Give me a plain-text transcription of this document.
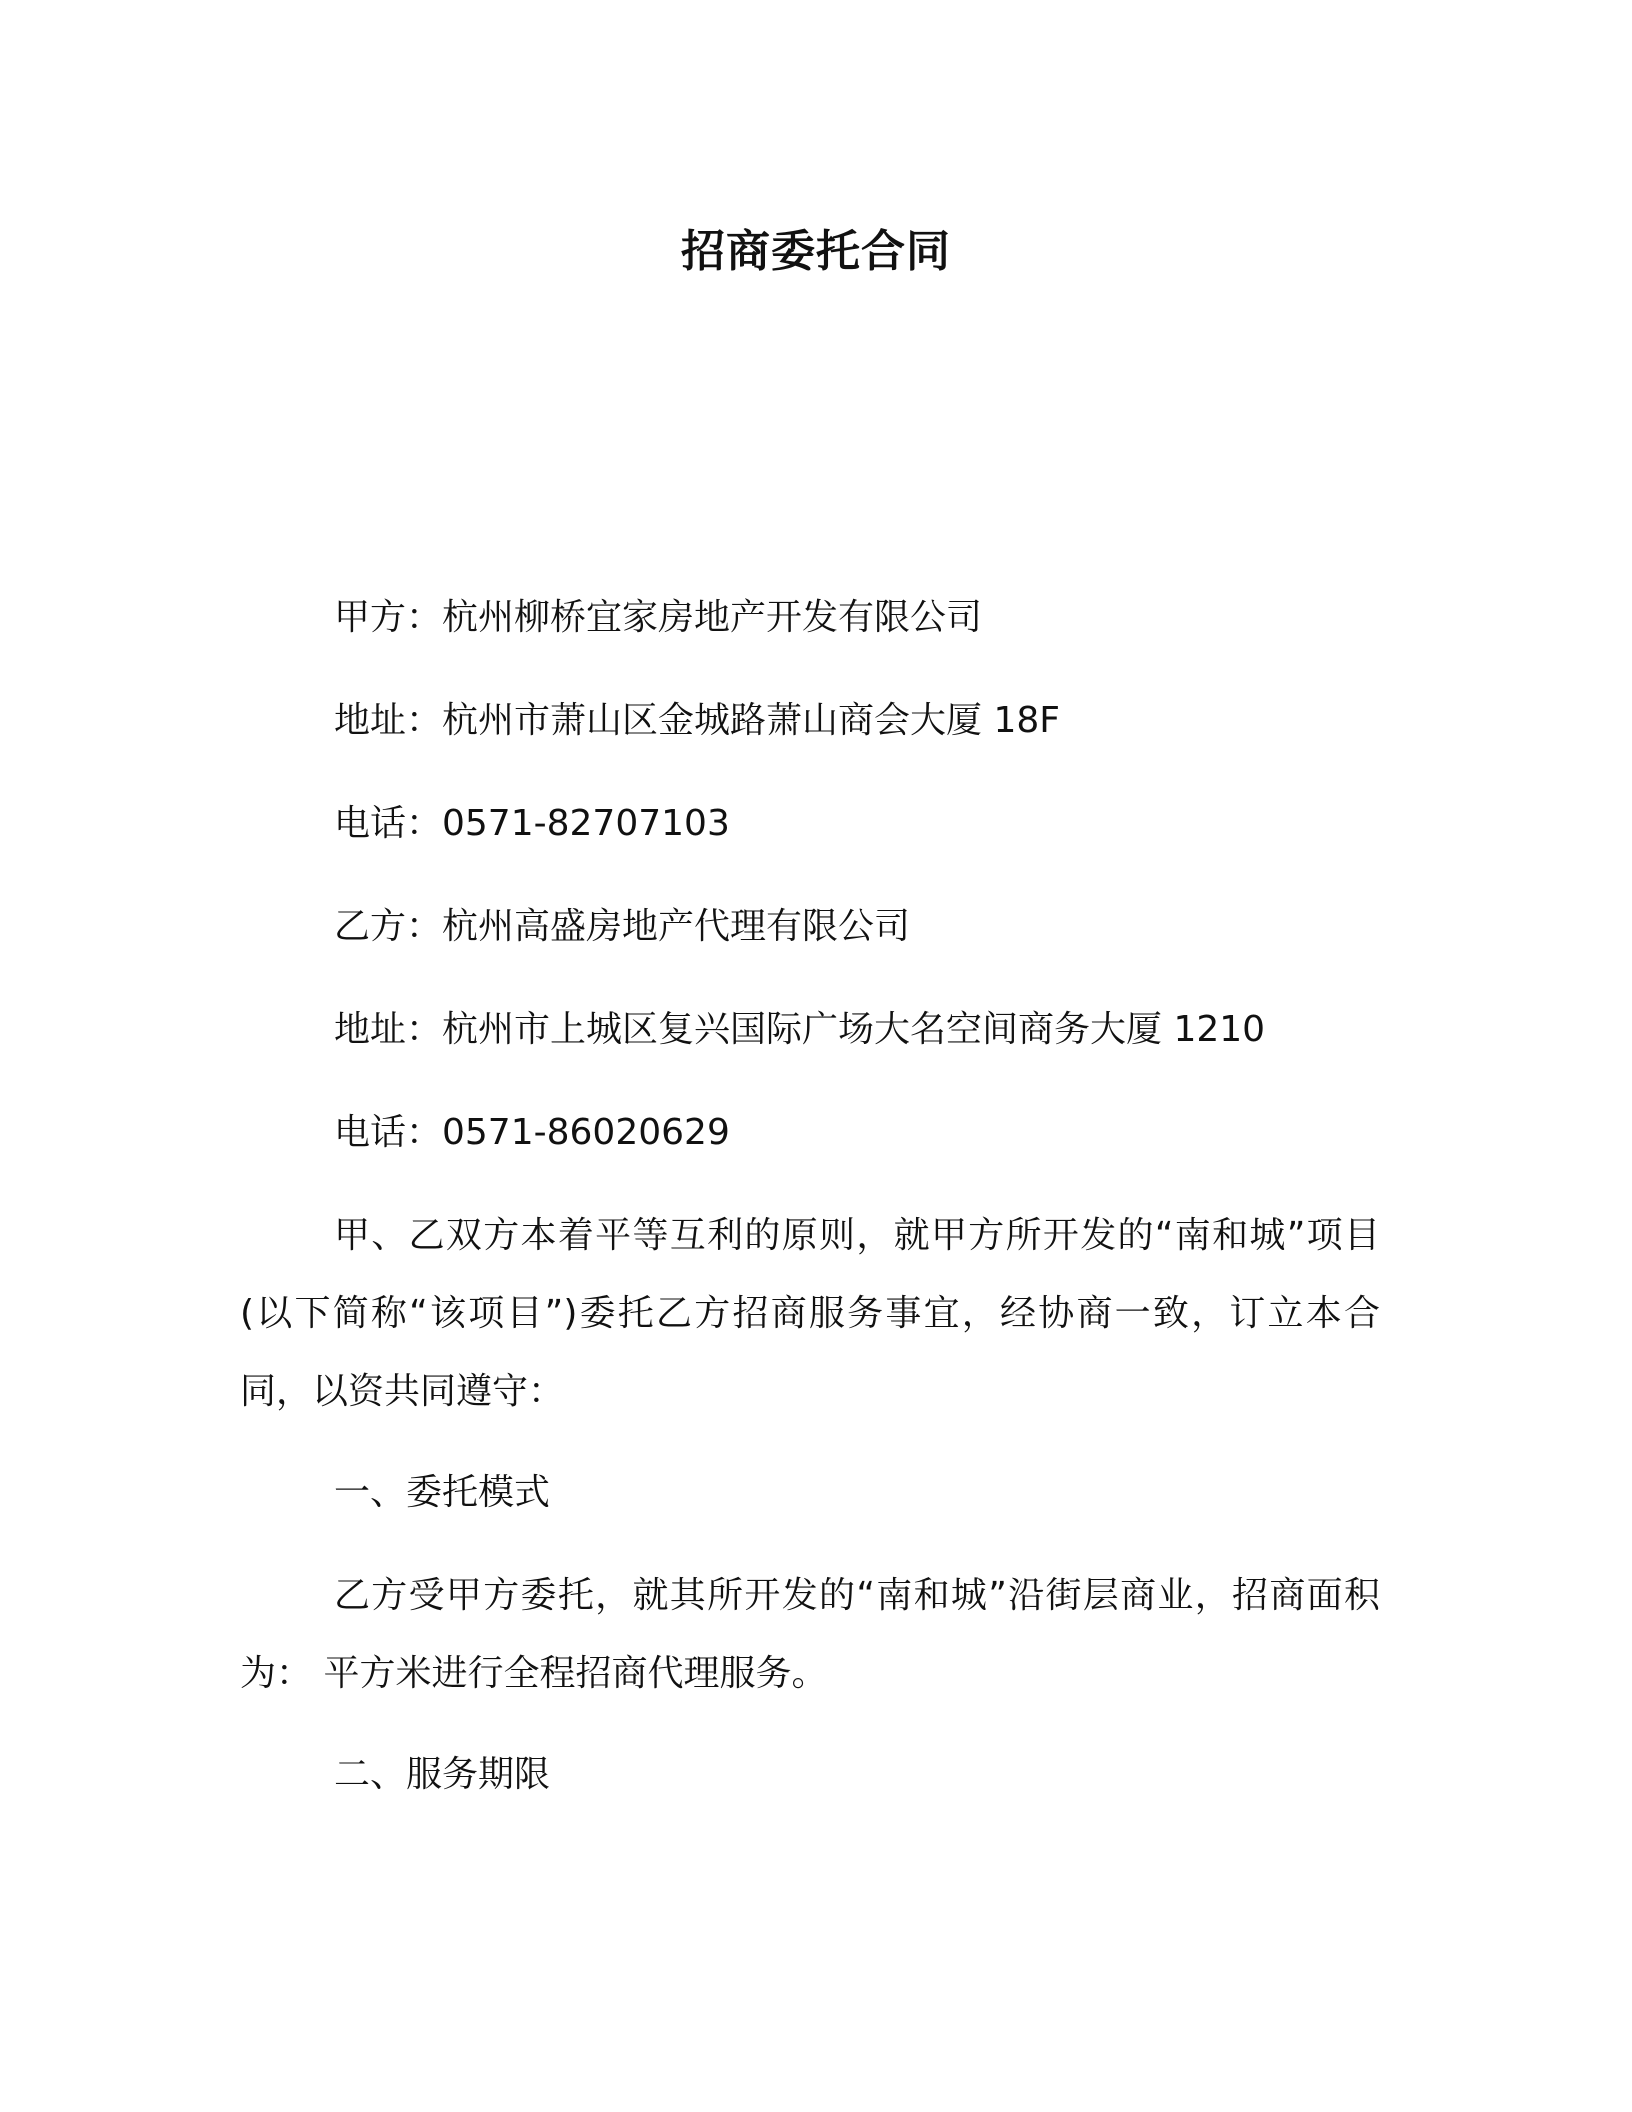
招商委托合同
甲方：杭州柳桥宜家房地产开发有限公司
地址：杭州市萧山区金城路萧山商会大厦 18F
电话：0571-82707103
乙方：杭州高盛房地产代理有限公司
地址：杭州市上城区复兴国际广场大名空间商务大厦 1210
电话：0571-86020629
甲、乙双方本着平等互利的原则，就甲方所开发的“南和城”项目(以下简称“该项目”)委托乙方招商服务事宜，经协商一致，订立本合同，以资共同遵守：
一、委托模式
乙方受甲方委托，就其所开发的“南和城”沿街层商业，招商面积为： 平方米进行全程招商代理服务。
二、服务期限
